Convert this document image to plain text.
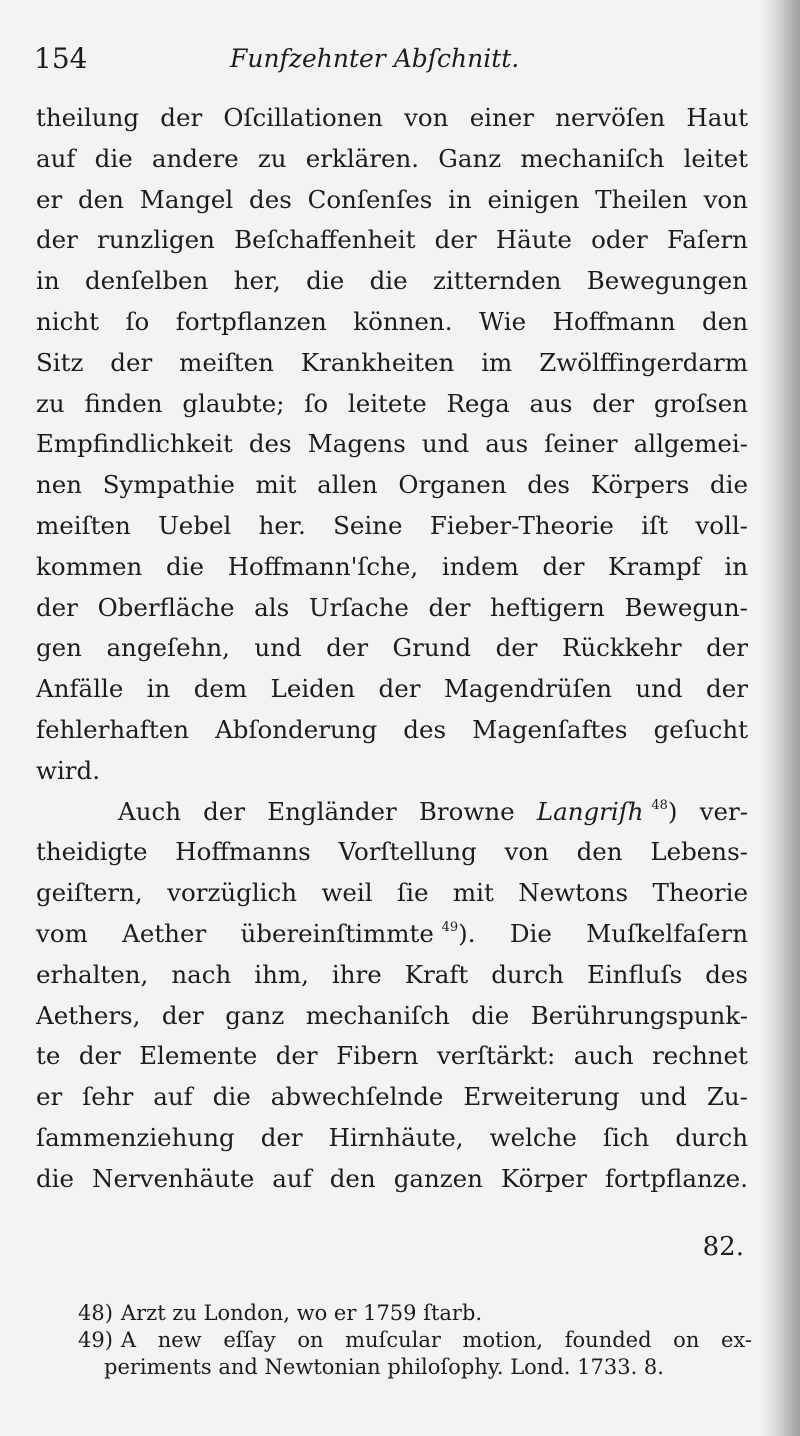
154	Funfzehnter Abſchnitt.
theilung der Oſcillationen von einer nervöſen Haut
auf die andere zu erklären. Ganz mechaniſch leitet
er den Mangel des Conſenſes in einigen Theilen von
der runzligen Beſchaffenheit der Häute oder Faſern
in denſelben her, die die zitternden Bewegungen
nicht ſo fortpflanzen können. Wie Hoffmann den
Sitz der meiſten Krankheiten im Zwölffingerdarm
zu finden glaubte; ſo leitete Rega aus der groſsen
Empfindlichkeit des Magens und aus ſeiner allgemei-
nen Sympathie mit allen Organen des Körpers die
meiſten Uebel her. Seine Fieber-Theorie iſt voll-
kommen die Hoffmann'ſche, indem der Krampf in
der Oberfläche als Urſache der heftigern Bewegun-
gen angeſehn, und der Grund der Rückkehr der
Anfälle in dem Leiden der Magendrüſen und der
fehlerhaften Abſonderung des Magenſaftes geſucht
wird.
Auch der Engländer Browne Langriſh $^{48}$) ver-
theidigte Hoffmanns Vorſtellung von den Lebens-
geiſtern, vorzüglich weil ſie mit Newtons Theorie
vom Aether übereinſtimmte $^{49}$). Die Muſkelfaſern
erhalten, nach ihm, ihre Kraft durch Einfluſs des
Aethers, der ganz mechaniſch die Berührungspunk-
te der Elemente der Fibern verſtärkt: auch rechnet
er ſehr auf die abwechſelnde Erweiterung und Zu-
ſammenziehung der Hirnhäute, welche ſich durch
die Nervenhäute auf den ganzen Körper fortpflanze.
82.
48) Arzt zu London, wo er 1759 ſtarb.
49) A new eſſay on muſcular motion, founded on ex-
periments and Newtonian philoſophy. Lond. 1733. 8.
